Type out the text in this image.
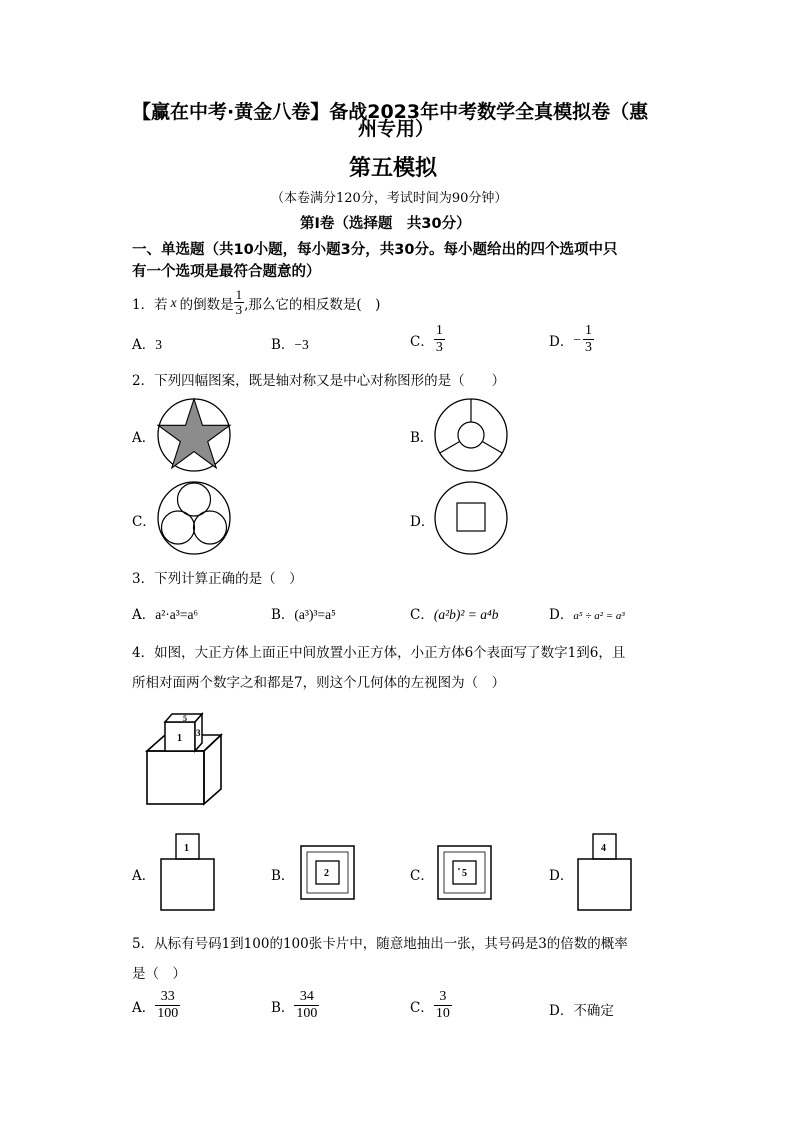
【赢在中考·黄金八卷】备战2023年中考数学全真模拟卷（惠
州专用）
第五模拟
（本卷满分120分，考试时间为90分钟）
第I卷（选择题　共30分）
一、单选题（共10小题，每小题3分，共30分。每小题给出的四个选项中只
有一个选项是最符合题意的）
1．若 x 的倒数是 $\frac{1}{3}$ ,那么它的相反数是(　)
A．3	B．−3	C． $\frac{1}{3}$	D． − $\frac{1}{3}$
2．下列四幅图案，既是轴对称又是中心对称图形的是（　　）
A．	B．
C．	D．
3．下列计算正确的是（　）
A．a²·a³=a⁶	B．(a³)³=a⁵	C．(a²b)² = a⁴b	D．a⁵ ÷ a² = a³
4．如图，大正方体上面正中间放置小正方体，小正方体6个表面写了数字1到6，且
所相对面两个数字之和都是7，则这个几何体的左视图为（　）
1 3
5
A．
1
B．	2	C．	5	D．
4
5．从标有号码1到100的100张卡片中，随意地抽出一张，其号码是3的倍数的概率
是（　）
A． $\frac{33}{100}$	B． $\frac{34}{100}$	C． $\frac{3}{10}$	D．不确定
